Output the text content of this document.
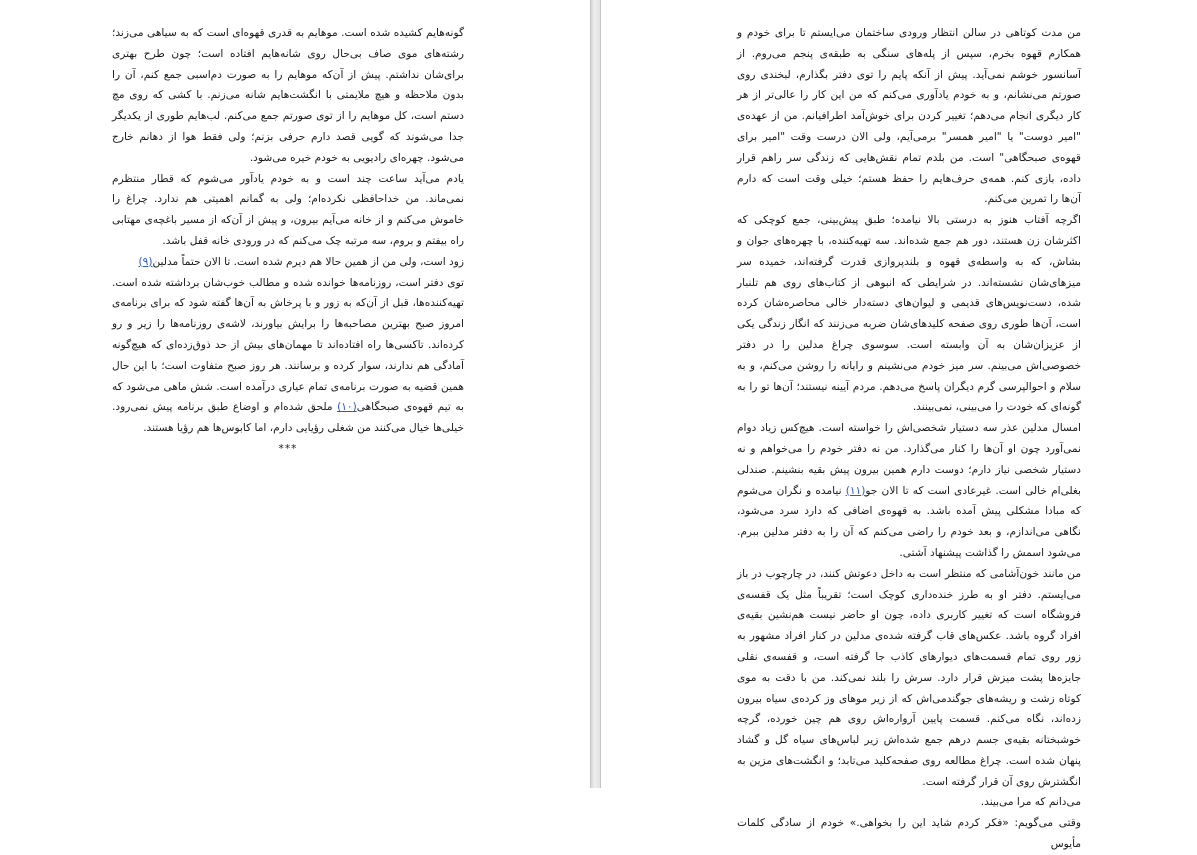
گونه‌هایم کشیده شده است. موهایم به قدری قهوه‌ای است که به سیاهی می‌زند؛ رشته‌های موی صاف بی‌حال روی شانه‌هایم افتاده است؛ چون طرح بهتری برای‌شان نداشتم. پیش از آن‌که موهایم را به صورت دم‌اسبی جمع کنم، آن را بدون ملاحظه و هیچ ملایمتی با انگشت‌هایم شانه می‌زنم. با کشی که روی مچ دستم است، کل موهایم را از توی صورتم جمع می‌کنم. لب‌هایم طوری از یکدیگر جدا می‌شوند که گویی قصد دارم حرفی بزنم؛ ولی فقط هوا از دهانم خارج می‌شود. چهره‌ای رادیویی به خودم خیره می‌شود.

یادم می‌آید ساعت چند است و به خودم یادآور می‌شوم که قطار منتظرم نمی‌ماند. من خداحافظی نکرده‌ام؛ ولی به گمانم اهمیتی هم ندارد. چراغ را خاموش می‌کنم و از خانه می‌آیم بیرون، و پیش از آن‌که از مسیر باغچه‌ی مهتابی راه بیفتم و بروم، سه مرتبه چک می‌کنم که در ورودی خانه قفل باشد.

زود است، ولی من از همین حالا هم دیرم شده است. تا الان حتماً مدلین(۹)

توی دفتر است، روزنامه‌ها خوانده شده و مطالب خوب‌شان برداشته شده است. تهیه‌کننده‌ها، قبل از آن‌که به زور و با پرخاش به آن‌ها گفته شود که برای برنامه‌ی امروز صبح بهترین مصاحبه‌ها را برایش بیاورند، لاشه‌ی روزنامه‌ها را زیر و رو کرده‌اند. تاکسی‌ها راه افتاده‌اند تا مهمان‌های بیش از حد ذوق‌زده‌ای که هیچ‌گونه آمادگی هم ندارند، سوار کرده و برسانند. هر روز صبح متفاوت است؛ با این حال همین قضیه به صورت برنامه‌ی تمام عیاری درآمده است. شش ماهی می‌شود که به تیم قهوه‌ی صبحگاهی(۱۰) ملحق شده‌ام و اوضاع طبق برنامه پیش نمی‌رود. خیلی‌ها خیال می‌کنند من شغلی رؤیایی دارم، اما کابوس‌ها هم رؤیا هستند.

***

من مدت کوتاهی در سالن انتظار ورودی ساختمان می‌ایستم تا برای خودم و همکارم قهوه بخرم، سپس از پله‌های سنگی به طبقه‌ی پنجم می‌روم. از آسانسور خوشم نمی‌آید. پیش از آنکه پایم را توی دفتر بگذارم، لبخندی روی صورتم می‌نشانم، و به خودم یادآوری می‌کنم که من این کار را عالی‌تر از هر کار دیگری انجام می‌دهم؛ تغییر کردن برای خوش‌آمد اطرافیانم. من از عهده‌ی "امیر دوست" یا "امیر همسر" برمی‌آیم، ولی الان درست وقت "امیر برای قهوه‌ی صبحگاهی" است. من بلدم تمام نقش‌هایی که زندگی سر راهم قرار داده، بازی کنم. همه‌ی حرف‌هایم را حفظ هستم؛ خیلی وقت است که دارم آن‌ها را تمرین می‌کنم.

اگرچه آفتاب هنوز به درستی بالا نیامده؛ طبق پیش‌بینی، جمع کوچکی که اکثرشان زن هستند، دور هم جمع شده‌اند. سه تهیه‌کننده، با چهره‌های جوان و بشاش، که به واسطه‌ی قهوه و بلندپروازی قدرت گرفته‌اند، خمیده سر میزهای‌شان نشسته‌اند. در شرایطی که انبوهی از کتاب‌های روی هم تلنبار شده، دست‌نویس‌های قدیمی و لیوان‌های دسته‌دار خالی محاصره‌شان کرده است، آن‌ها طوری روی صفحه کلیدهای‌شان ضربه می‌زنند که انگار زندگی یکی از عزیزان‌شان به آن وابسته است. سوسوی چراغ مدلین را در دفتر خصوصی‌اش می‌بینم. سر میز خودم می‌نشینم و رایانه را روشن می‌کنم، و به سلام و احوالپرسی گرم دیگران پاسخ می‌دهم. مردم آیینه نیستند؛ آن‌ها تو را به گونه‌ای که خودت را می‌بینی، نمی‌بینند.

امسال مدلین عذر سه دستیار شخصی‌اش را خواسته است. هیچ‌کس زیاد دوام نمی‌آورد چون او آن‌ها را کنار می‌گذارد. من نه دفتر خودم را می‌خواهم و نه دستیار شخصی نیاز دارم؛ دوست دارم همین بیرون پیش بقیه بنشینم. صندلی بغلی‌ام خالی است. غیرعادی است که تا الان جو(۱۱) نیامده و نگران می‌شوم که مبادا مشکلی پیش آمده باشد. به قهوه‌ی اضافی که دارد سرد می‌شود، نگاهی می‌اندازم، و بعد خودم را راضی می‌کنم که آن را به دفتر مدلین ببرم. می‌شود اسمش را گذاشت پیشنهاد آشتی.

من مانند خون‌آشامی که منتظر است به داخل دعوتش کنند، در چارچوب در باز می‌ایستم. دفتر او به طرز خنده‌داری کوچک است؛ تقریباً مثل یک قفسه‌ی فروشگاه است که تغییر کاربری داده، چون او حاضر نیست هم‌نشین بقیه‌ی افراد گروه باشد. عکس‌های قاب گرفته شده‌ی مدلین در کنار افراد مشهور به زور روی تمام قسمت‌های دیوارهای کاذب جا گرفته است، و قفسه‌ی نقلی جایزه‌ها پشت میزش قرار دارد. سرش را بلند نمی‌کند. من با دقت به موی کوتاه زشت و ریشه‌های جوگندمی‌اش که از زیر موهای وز کرده‌ی سیاه بیرون زده‌اند، نگاه می‌کنم. قسمت پایین آرواره‌اش روی هم چین خورده، گرچه خوشبختانه بقیه‌ی جسم درهم جمع شده‌اش زیر لباس‌های سیاه گل و گشاد پنهان شده است. چراغ مطالعه روی صفحه‌کلید می‌تابد؛ و انگشت‌های مزین به انگشترش روی آن قرار گرفته است.

می‌دانم که مرا می‌بیند.

وقتی می‌گویم: «فکر کردم شاید این را بخواهی.» خودم از سادگی کلمات مأیوس
